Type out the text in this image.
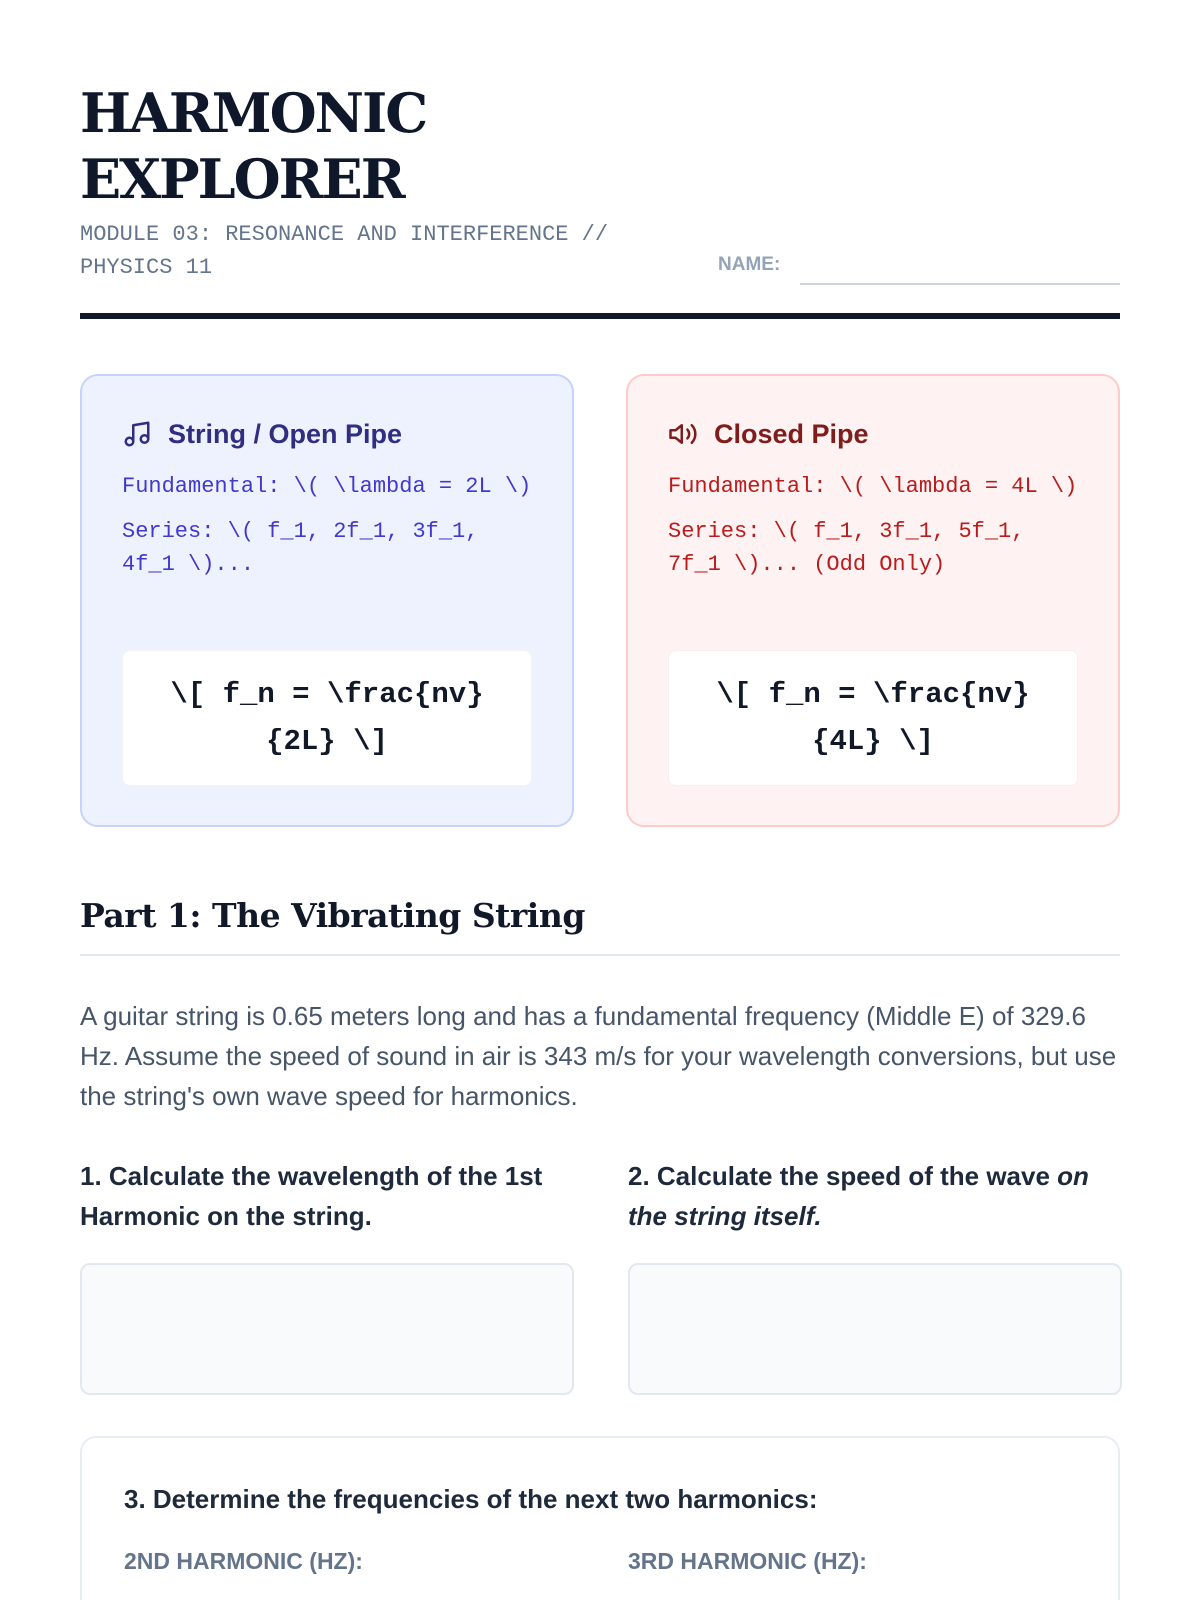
HARMONIC
EXPLORER
MODULE 03: RESONANCE AND INTERFERENCE //
PHYSICS 11	NAME:
String / Open Pipe
Fundamental: \( \lambda = 2L \)
Series: \( f_1, 2f_1, 3f_1, 4f_1 \)...
\[ f_n = \frac{nv}{2L} \]
Closed Pipe
Fundamental: \( \lambda = 4L \)
Series: \( f_1, 3f_1, 5f_1, 7f_1 \)... (Odd Only)
\[ f_n = \frac{nv}{4L} \]
Part 1: The Vibrating String
A guitar string is 0.65 meters long and has a fundamental frequency (Middle E) of 329.6 Hz. Assume the speed of sound in air is 343 m/s for your wavelength conversions, but use the string's own wave speed for harmonics.
1. Calculate the wavelength of the 1st Harmonic on the string.
2. Calculate the speed of the wave on the string itself.
3. Determine the frequencies of the next two harmonics:
2ND HARMONIC (HZ):	3RD HARMONIC (HZ):
